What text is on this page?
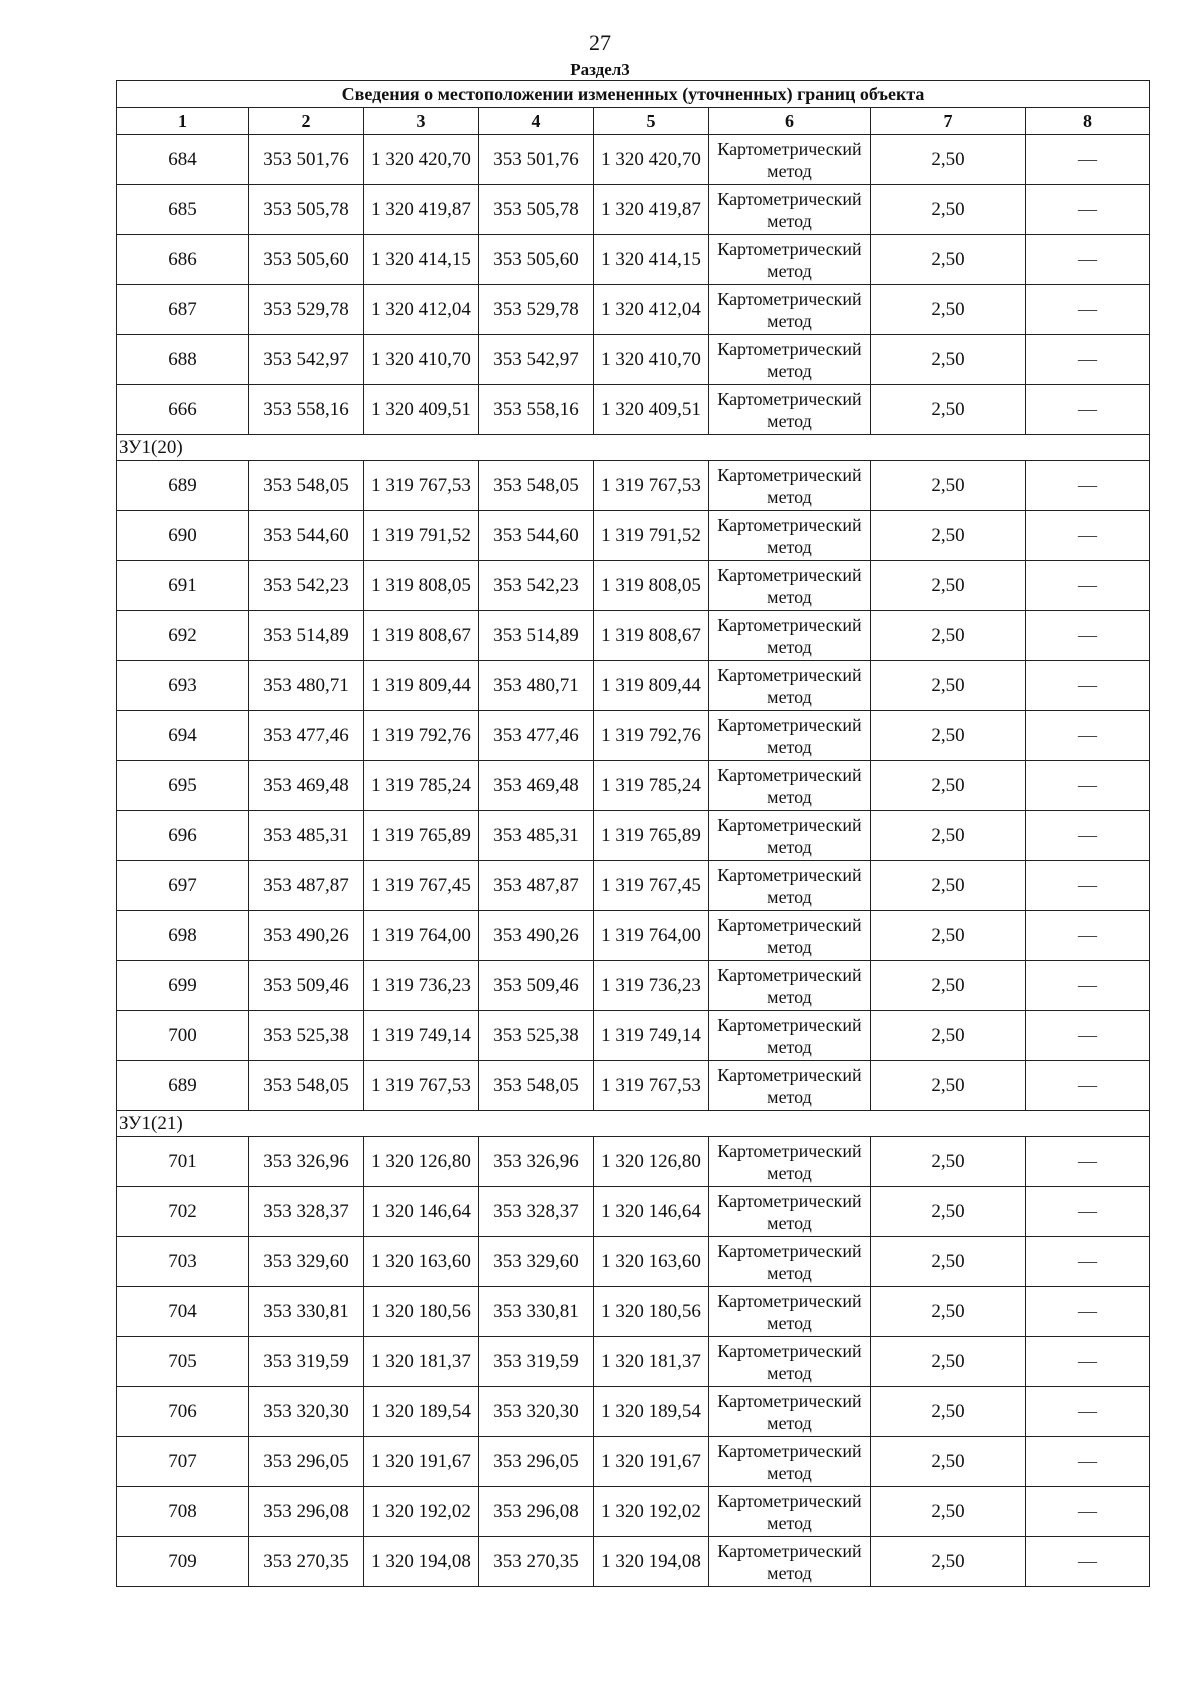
27
Раздел3
Сведения о местоположении измененных (уточненных) границ объекта							
1	2	3	4	5	6	7	8
684	353 501,76	1 320 420,70	353 501,76	1 320 420,70	Картометрический метод	2,50	—
685	353 505,78	1 320 419,87	353 505,78	1 320 419,87	Картометрический метод	2,50	—
686	353 505,60	1 320 414,15	353 505,60	1 320 414,15	Картометрический метод	2,50	—
687	353 529,78	1 320 412,04	353 529,78	1 320 412,04	Картометрический метод	2,50	—
688	353 542,97	1 320 410,70	353 542,97	1 320 410,70	Картометрический метод	2,50	—
666	353 558,16	1 320 409,51	353 558,16	1 320 409,51	Картометрический метод	2,50	—
ЗУ1(20)							
689	353 548,05	1 319 767,53	353 548,05	1 319 767,53	Картометрический метод	2,50	—
690	353 544,60	1 319 791,52	353 544,60	1 319 791,52	Картометрический метод	2,50	—
691	353 542,23	1 319 808,05	353 542,23	1 319 808,05	Картометрический метод	2,50	—
692	353 514,89	1 319 808,67	353 514,89	1 319 808,67	Картометрический метод	2,50	—
693	353 480,71	1 319 809,44	353 480,71	1 319 809,44	Картометрический метод	2,50	—
694	353 477,46	1 319 792,76	353 477,46	1 319 792,76	Картометрический метод	2,50	—
695	353 469,48	1 319 785,24	353 469,48	1 319 785,24	Картометрический метод	2,50	—
696	353 485,31	1 319 765,89	353 485,31	1 319 765,89	Картометрический метод	2,50	—
697	353 487,87	1 319 767,45	353 487,87	1 319 767,45	Картометрический метод	2,50	—
698	353 490,26	1 319 764,00	353 490,26	1 319 764,00	Картометрический метод	2,50	—
699	353 509,46	1 319 736,23	353 509,46	1 319 736,23	Картометрический метод	2,50	—
700	353 525,38	1 319 749,14	353 525,38	1 319 749,14	Картометрический метод	2,50	—
689	353 548,05	1 319 767,53	353 548,05	1 319 767,53	Картометрический метод	2,50	—
ЗУ1(21)							
701	353 326,96	1 320 126,80	353 326,96	1 320 126,80	Картометрический метод	2,50	—
702	353 328,37	1 320 146,64	353 328,37	1 320 146,64	Картометрический метод	2,50	—
703	353 329,60	1 320 163,60	353 329,60	1 320 163,60	Картометрический метод	2,50	—
704	353 330,81	1 320 180,56	353 330,81	1 320 180,56	Картометрический метод	2,50	—
705	353 319,59	1 320 181,37	353 319,59	1 320 181,37	Картометрический метод	2,50	—
706	353 320,30	1 320 189,54	353 320,30	1 320 189,54	Картометрический метод	2,50	—
707	353 296,05	1 320 191,67	353 296,05	1 320 191,67	Картометрический метод	2,50	—
708	353 296,08	1 320 192,02	353 296,08	1 320 192,02	Картометрический метод	2,50	—
709	353 270,35	1 320 194,08	353 270,35	1 320 194,08	Картометрический метод	2,50	—
